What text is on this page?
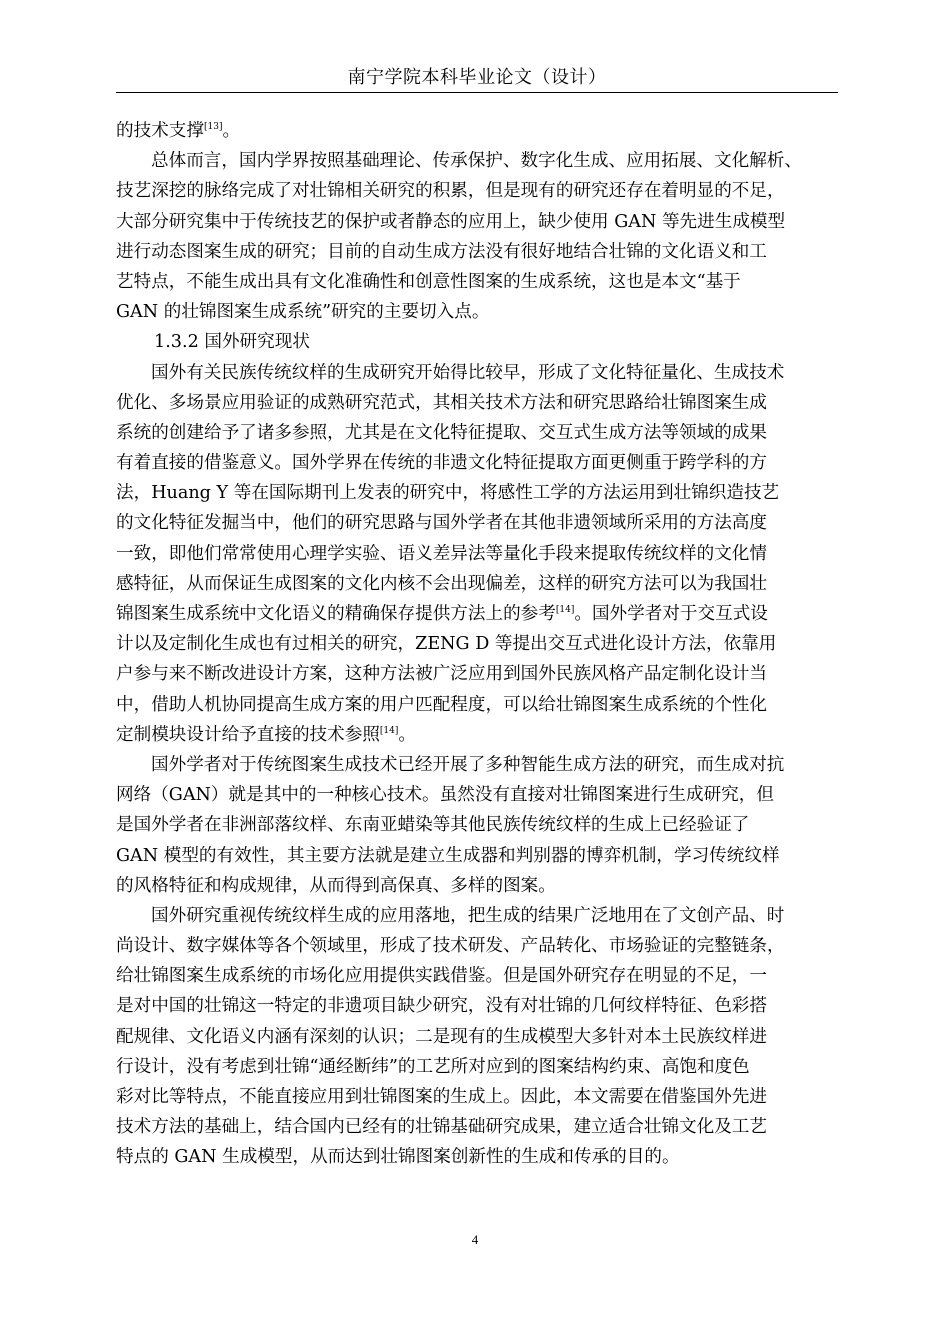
南宁学院本科毕业论文（设计）
的技术支撑[13]。
总体而言，国内学界按照基础理论、传承保护、数字化生成、应用拓展、文化解析、
技艺深挖的脉络完成了对壮锦相关研究的积累，但是现有的研究还存在着明显的不足，
大部分研究集中于传统技艺的保护或者静态的应用上，缺少使用 GAN 等先进生成模型
进行动态图案生成的研究；目前的自动生成方法没有很好地结合壮锦的文化语义和工
艺特点，不能生成出具有文化准确性和创意性图案的生成系统，这也是本文“基于
GAN 的壮锦图案生成系统”研究的主要切入点。
1.3.2 国外研究现状
国外有关民族传统纹样的生成研究开始得比较早，形成了文化特征量化、生成技术
优化、多场景应用验证的成熟研究范式，其相关技术方法和研究思路给壮锦图案生成
系统的创建给予了诸多参照，尤其是在文化特征提取、交互式生成方法等领域的成果
有着直接的借鉴意义。国外学界在传统的非遗文化特征提取方面更侧重于跨学科的方
法，Huang Y 等在国际期刊上发表的研究中，将感性工学的方法运用到壮锦织造技艺
的文化特征发掘当中，他们的研究思路与国外学者在其他非遗领域所采用的方法高度
一致，即他们常常使用心理学实验、语义差异法等量化手段来提取传统纹样的文化情
感特征，从而保证生成图案的文化内核不会出现偏差，这样的研究方法可以为我国壮
锦图案生成系统中文化语义的精确保存提供方法上的参考[14]。国外学者对于交互式设
计以及定制化生成也有过相关的研究，ZENG D 等提出交互式进化设计方法，依靠用
户参与来不断改进设计方案，这种方法被广泛应用到国外民族风格产品定制化设计当
中，借助人机协同提高生成方案的用户匹配程度，可以给壮锦图案生成系统的个性化
定制模块设计给予直接的技术参照[14]。
国外学者对于传统图案生成技术已经开展了多种智能生成方法的研究，而生成对抗
网络（GAN）就是其中的一种核心技术。虽然没有直接对壮锦图案进行生成研究，但
是国外学者在非洲部落纹样、东南亚蜡染等其他民族传统纹样的生成上已经验证了
GAN 模型的有效性，其主要方法就是建立生成器和判别器的博弈机制，学习传统纹样
的风格特征和构成规律，从而得到高保真、多样的图案。
国外研究重视传统纹样生成的应用落地，把生成的结果广泛地用在了文创产品、时
尚设计、数字媒体等各个领域里，形成了技术研发、产品转化、市场验证的完整链条，
给壮锦图案生成系统的市场化应用提供实践借鉴。但是国外研究存在明显的不足，一
是对中国的壮锦这一特定的非遗项目缺少研究，没有对壮锦的几何纹样特征、色彩搭
配规律、文化语义内涵有深刻的认识；二是现有的生成模型大多针对本土民族纹样进
行设计，没有考虑到壮锦“通经断纬”的工艺所对应到的图案结构约束、高饱和度色
彩对比等特点，不能直接应用到壮锦图案的生成上。因此，本文需要在借鉴国外先进
技术方法的基础上，结合国内已经有的壮锦基础研究成果，建立适合壮锦文化及工艺
特点的 GAN 生成模型，从而达到壮锦图案创新性的生成和传承的目的。
4
